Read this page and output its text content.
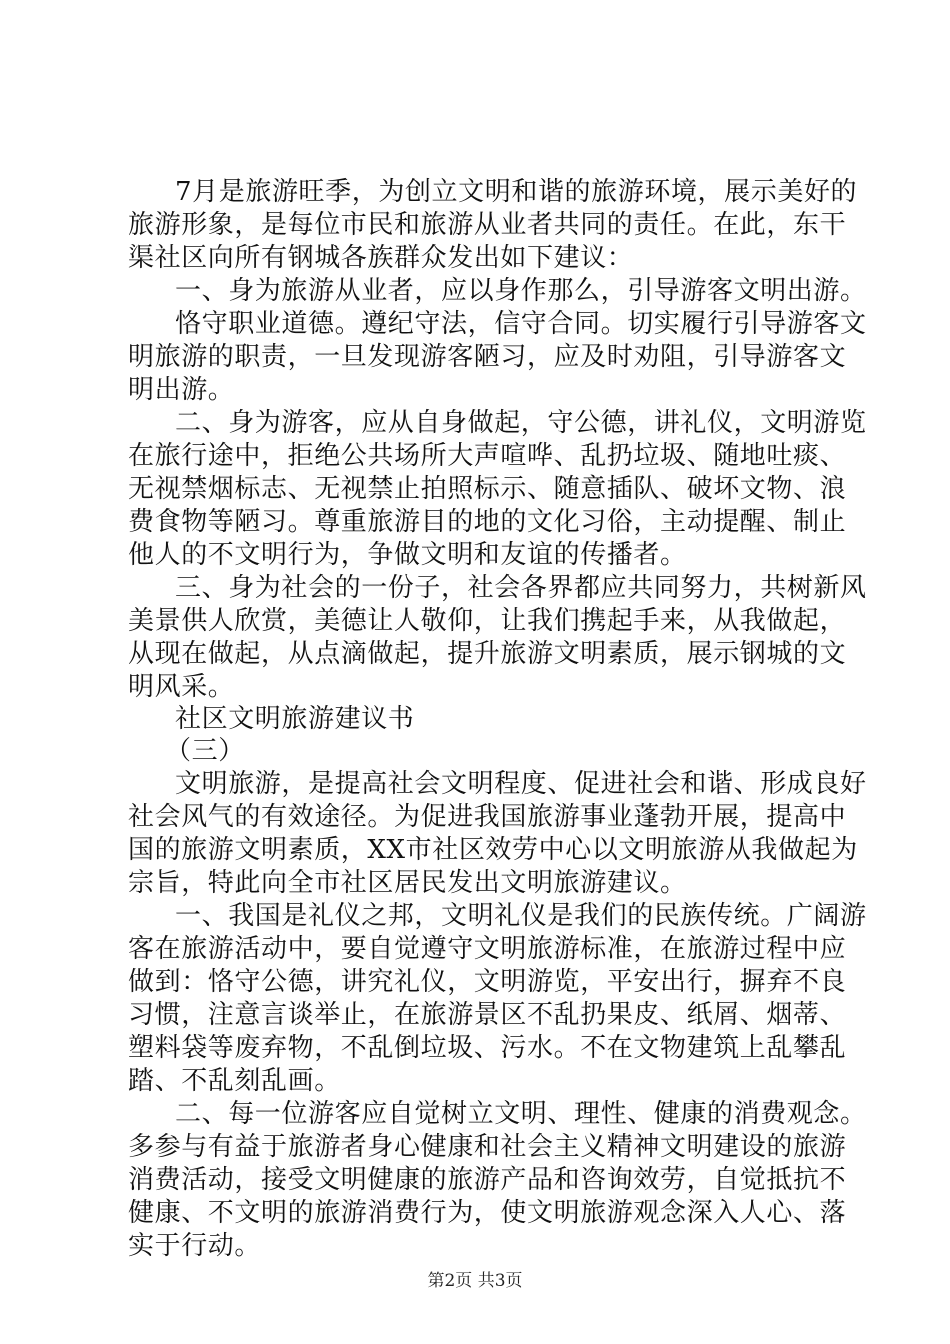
7月是旅游旺季，为创立文明和谐的旅游环境，展示美好的
旅游形象，是每位市民和旅游从业者共同的责任。在此，东干
渠社区向所有钢城各族群众发出如下建议：
一、身为旅游从业者，应以身作那么，引导游客文明出游。
恪守职业道德。遵纪守法，信守合同。切实履行引导游客文
明旅游的职责，一旦发现游客陋习，应及时劝阻，引导游客文
明出游。
二、身为游客，应从自身做起，守公德，讲礼仪，文明游览
在旅行途中，拒绝公共场所大声喧哗、乱扔垃圾、随地吐痰、
无视禁烟标志、无视禁止拍照标示、随意插队、破坏文物、浪
费食物等陋习。尊重旅游目的地的文化习俗，主动提醒、制止
他人的不文明行为，争做文明和友谊的传播者。
三、身为社会的一份子，社会各界都应共同努力，共树新风
美景供人欣赏，美德让人敬仰，让我们携起手来，从我做起，
从现在做起，从点滴做起，提升旅游文明素质，展示钢城的文
明风采。
社区文明旅游建议书
（三）
文明旅游，是提高社会文明程度、促进社会和谐、形成良好
社会风气的有效途径。为促进我国旅游事业蓬勃开展，提高中
国的旅游文明素质，XX市社区效劳中心以文明旅游从我做起为
宗旨，特此向全市社区居民发出文明旅游建议。
一、我国是礼仪之邦，文明礼仪是我们的民族传统。广阔游
客在旅游活动中，要自觉遵守文明旅游标准，在旅游过程中应
做到：恪守公德，讲究礼仪，文明游览，平安出行，摒弃不良
习惯，注意言谈举止，在旅游景区不乱扔果皮、纸屑、烟蒂、
塑料袋等废弃物，不乱倒垃圾、污水。不在文物建筑上乱攀乱
踏、不乱刻乱画。
二、每一位游客应自觉树立文明、理性、健康的消费观念。
多参与有益于旅游者身心健康和社会主义精神文明建设的旅游
消费活动，接受文明健康的旅游产品和咨询效劳，自觉抵抗不
健康、不文明的旅游消费行为，使文明旅游观念深入人心、落
实于行动。
第2页 共3页
